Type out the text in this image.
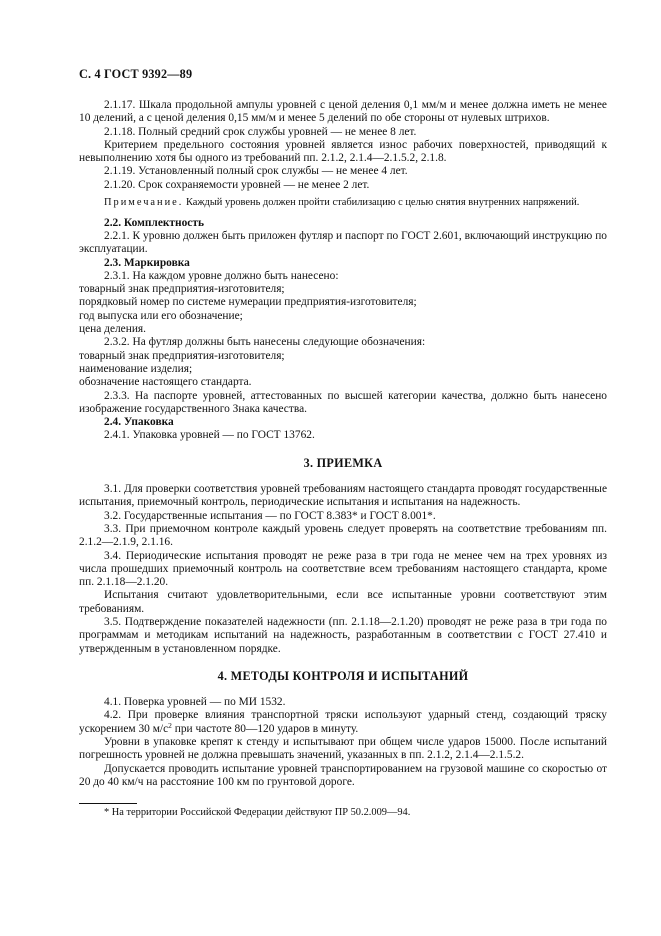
С. 4 ГОСТ 9392—89

2.1.17. Шкала продольной ампулы уровней с ценой деления 0,1 мм/м и менее должна иметь не менее 10 делений, а с ценой деления 0,15 мм/м и менее 5 делений по обе стороны от нулевых штрихов.

2.1.18. Полный средний срок службы уровней — не менее 8 лет.

Критерием предельного состояния уровней является износ рабочих поверхностей, приводящий к невыполнению хотя бы одного из требований пп. 2.1.2, 2.1.4—2.1.5.2, 2.1.8.

2.1.19. Установленный полный срок службы — не менее 4 лет.

2.1.20. Срок сохраняемости уровней — не менее 2 лет.

Примечание. Каждый уровень должен пройти стабилизацию с целью снятия внутренних напряжений.

2.2. Комплектность

2.2.1. К уровню должен быть приложен футляр и паспорт по ГОСТ 2.601, включающий инструкцию по эксплуатации.

2.3. Маркировка

2.3.1. На каждом уровне должно быть нанесено:

товарный знак предприятия-изготовителя;

порядковый номер по системе нумерации предприятия-изготовителя;

год выпуска или его обозначение;

цена деления.

2.3.2. На футляр должны быть нанесены следующие обозначения:

товарный знак предприятия-изготовителя;

наименование изделия;

обозначение настоящего стандарта.

2.3.3. На паспорте уровней, аттестованных по высшей категории качества, должно быть нанесено изображение государственного Знака качества.

2.4. Упаковка

2.4.1. Упаковка уровней — по ГОСТ 13762.

3. ПРИЕМКА

3.1. Для проверки соответствия уровней требованиям настоящего стандарта проводят государственные испытания, приемочный контроль, периодические испытания и испытания на надежность.

3.2. Государственные испытания — по ГОСТ 8.383* и ГОСТ 8.001*.

3.3. При приемочном контроле каждый уровень следует проверять на соответствие требованиям пп. 2.1.2—2.1.9, 2.1.16.

3.4. Периодические испытания проводят не реже раза в три года не менее чем на трех уровнях из числа прошедших приемочный контроль на соответствие всем требованиям настоящего стандарта, кроме пп. 2.1.18—2.1.20.

Испытания считают удовлетворительными, если все испытанные уровни соответствуют этим требованиям.

3.5. Подтверждение показателей надежности (пп. 2.1.18—2.1.20) проводят не реже раза в три года по программам и методикам испытаний на надежность, разработанным в соответствии с ГОСТ 27.410 и утвержденным в установленном порядке.

4. МЕТОДЫ КОНТРОЛЯ И ИСПЫТАНИЙ

4.1. Поверка уровней — по МИ 1532.

4.2. При проверке влияния транспортной тряски используют ударный стенд, создающий тряску ускорением 30 $м/с^2$ при частоте 80—120 ударов в минуту.

Уровни в упаковке крепят к стенду и испытывают при общем числе ударов 15000. После испытаний погрешность уровней не должна превышать значений, указанных в пп. 2.1.2, 2.1.4—2.1.5.2.

Допускается проводить испытание уровней транспортированием на грузовой машине со скоростью от 20 до 40 км/ч на расстояние 100 км по грунтовой дороге.

* На территории Российской Федерации действуют ПР 50.2.009—94.
